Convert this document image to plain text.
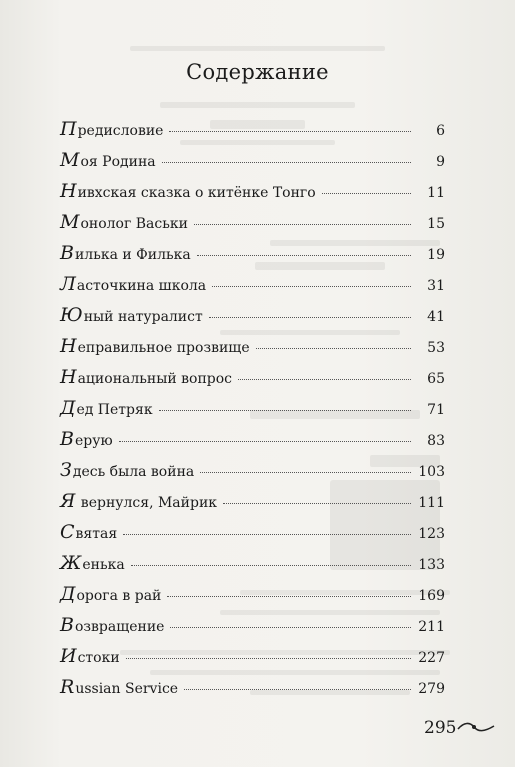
Содержание
Предисловие	6
Моя Родина	9
Нивхская сказка о китёнке Тонго	11
Монолог Васьки	15
Вилька и Филька	19
Ласточкина школа	31
Юный натуралист	41
Неправильное прозвище	53
Национальный вопрос	65
Дед Петряк	71
Верую	83
Здесь была война	103
Я вернулся, Майрик	111
Святая	123
Женька	133
Дорога в рай	169
Возвращение	211
Истоки	227
Russian Service	279
295
